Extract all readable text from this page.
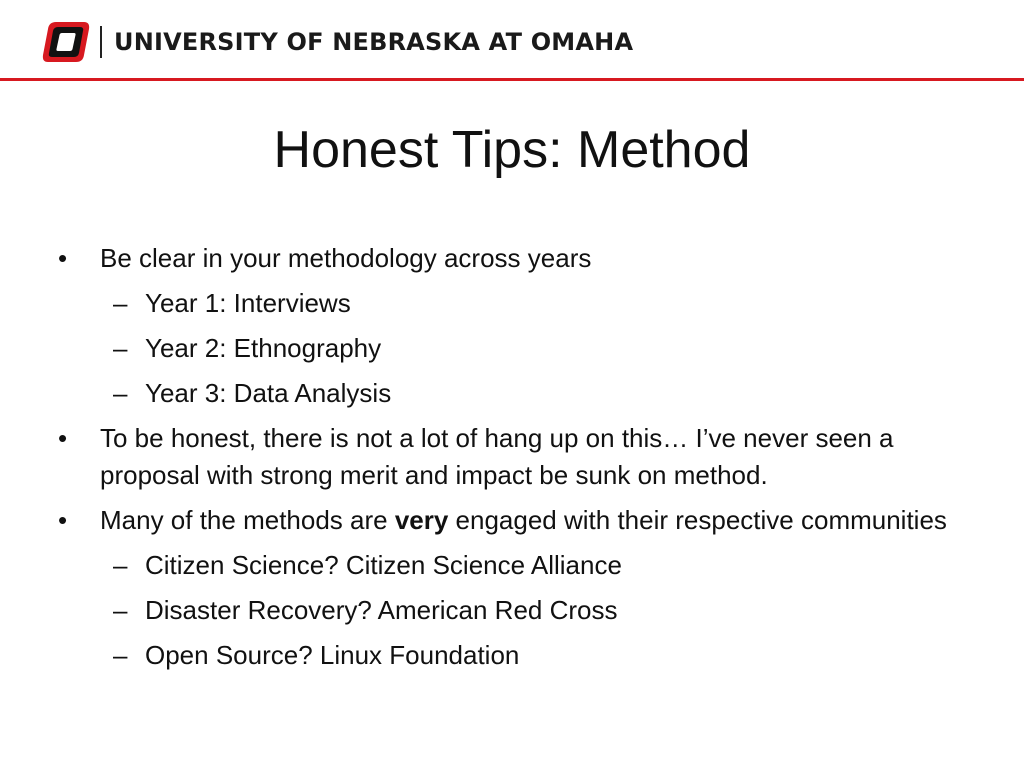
UNIVERSITY OF NEBRASKA AT OMAHA
Honest Tips: Method
•	Be clear in your methodology across years
– Year 1: Interviews
– Year 2: Ethnography
– Year 3: Data Analysis
•	To be honest, there is not a lot of hang up on this… I’ve never seen a proposal with strong merit and impact be sunk on method.
•	Many of the methods are very engaged with their respective communities
– Citizen Science? Citizen Science Alliance
– Disaster Recovery? American Red Cross
– Open Source? Linux Foundation
